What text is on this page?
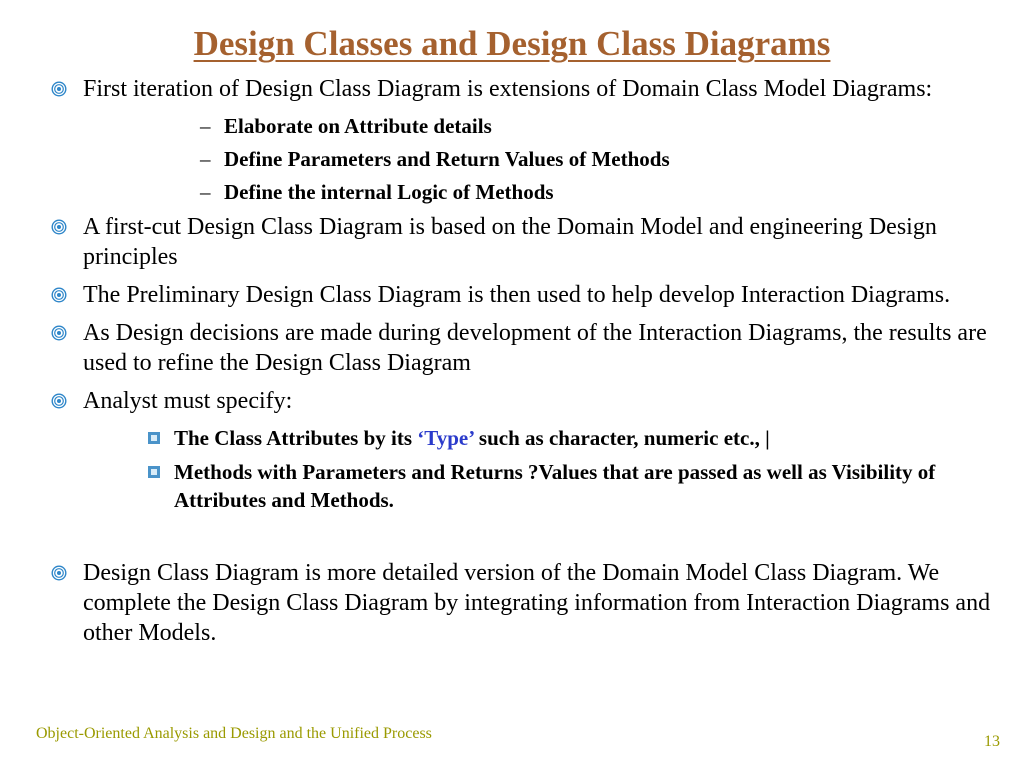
Design Classes and Design Class Diagrams
First iteration of Design Class Diagram is extensions of Domain Class Model Diagrams:
– Elaborate on Attribute details
– Define Parameters and Return Values of Methods
– Define the internal Logic of Methods
A first-cut Design Class Diagram is based on the Domain Model and engineering Design principles
The Preliminary Design Class Diagram is then used to help develop Interaction Diagrams.
As Design decisions are made during development of the Interaction Diagrams, the results are used to refine the Design Class Diagram
Analyst must specify:
The Class Attributes by its ‘Type’ such as character, numeric etc., |
Methods with Parameters and Returns ?Values that are passed as well as Visibility of Attributes and Methods.
Design Class Diagram is more detailed version of the Domain Model Class Diagram. We complete the Design Class Diagram by integrating information from Interaction Diagrams and other Models.
Object-Oriented Analysis and Design and the Unified Process	13
